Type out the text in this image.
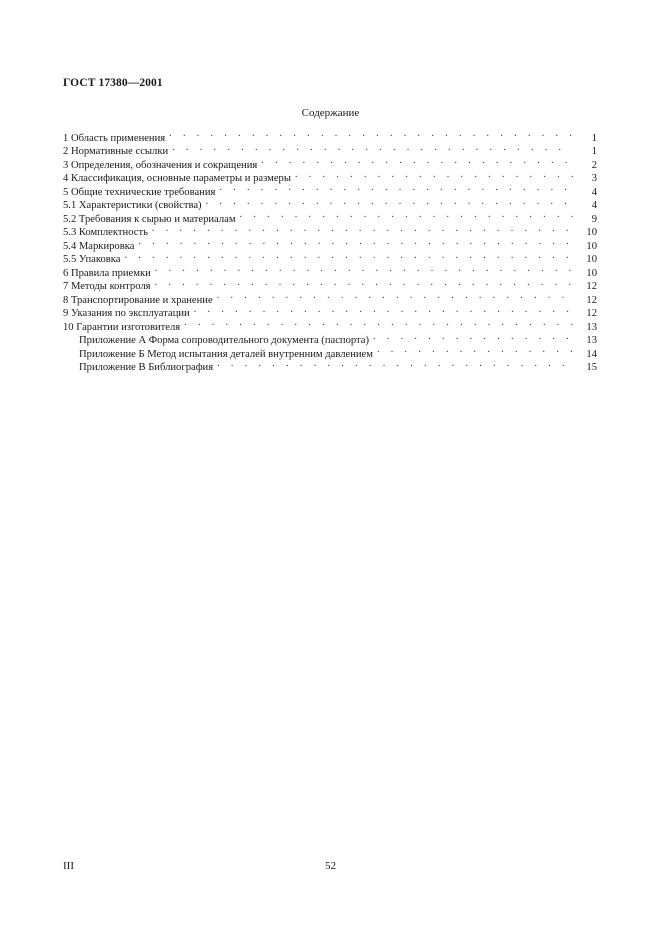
ГОСТ 17380—2001
Содержание
1 Область применения . . .	1
2 Нормативные ссылки . . .	1
3 Определения, обозначения и сокращения . . .	2
4 Классификация, основные параметры и размеры . . .	3
5 Общие технические требования . . .	4
5.1 Характеристики (свойства) . . .	4
5.2 Требования к сырью и материалам . . .	9
5.3 Комплектность . . .	10
5.4 Маркировка . . .	10
5.5 Упаковка . . .	10
6 Правила приемки . . .	10
7 Методы контроля . . .	12
8 Транспортирование и хранение . . .	12
9 Указания по эксплуатации . . .	12
10 Гарантии изготовителя . . .	13
Приложение А Форма сопроводительного документа (паспорта) . . .	13
Приложение Б Метод испытания деталей внутренним давлением . . .	14
Приложение В Библиография . . .	15
III	52
